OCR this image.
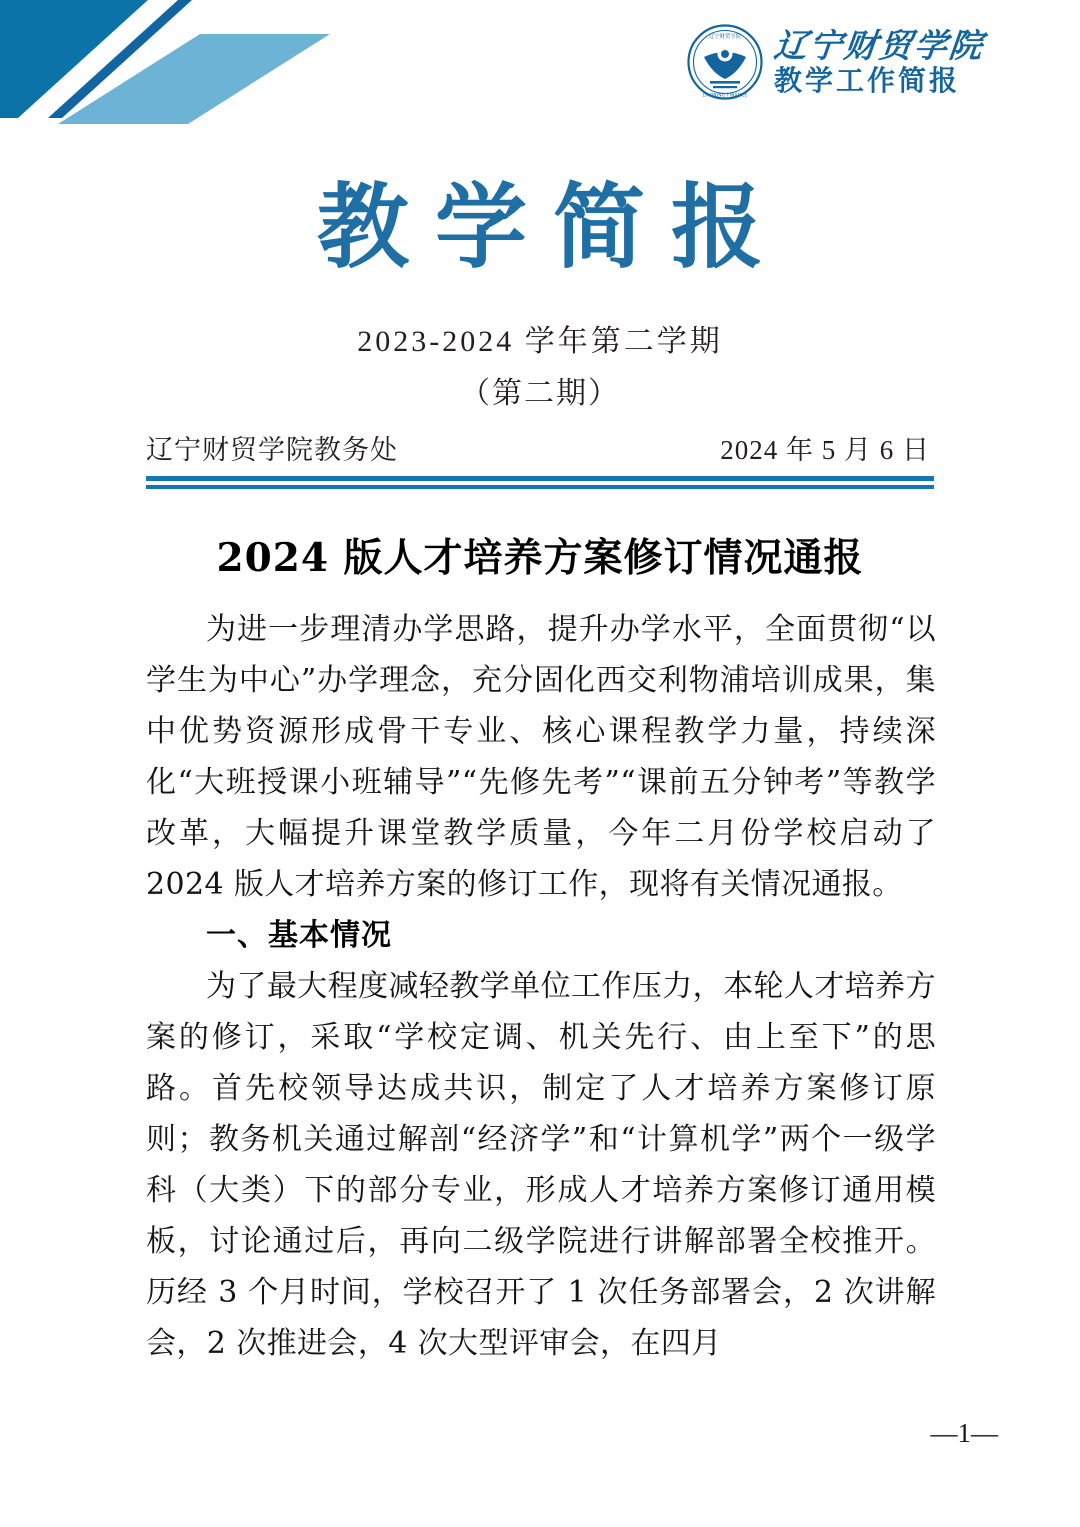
辽宁财贸学院
LIAONING FINANCE
辽宁财贸学院
教学工作简报
教学简报
2023-2024 学年第二学期
（第二期）
辽宁财贸学院教务处	2024 年 5 月 6 日
2024 版人才培养方案修订情况通报

为进一步理清办学思路，提升办学水平，全面贯彻“以学生为中心”办学理念，充分固化西交利物浦培训成果，集中优势资源形成骨干专业、核心课程教学力量，持续深化“大班授课小班辅导”“先修先考”“课前五分钟考”等教学改革，大幅提升课堂教学质量，今年二月份学校启动了 2024 版人才培养方案的修订工作，现将有关情况通报。

一、基本情况

为了最大程度减轻教学单位工作压力，本轮人才培养方案的修订，采取“学校定调、机关先行、由上至下”的思路。首先校领导达成共识，制定了人才培养方案修订原则；教务机关通过解剖“经济学”和“计算机学”两个一级学科（大类）下的部分专业，形成人才培养方案修订通用模板，讨论通过后，再向二级学院进行讲解部署全校推开。历经 3 个月时间，学校召开了 1 次任务部署会，2 次讲解会，2 次推进会，4 次大型评审会，在四月

—1—
